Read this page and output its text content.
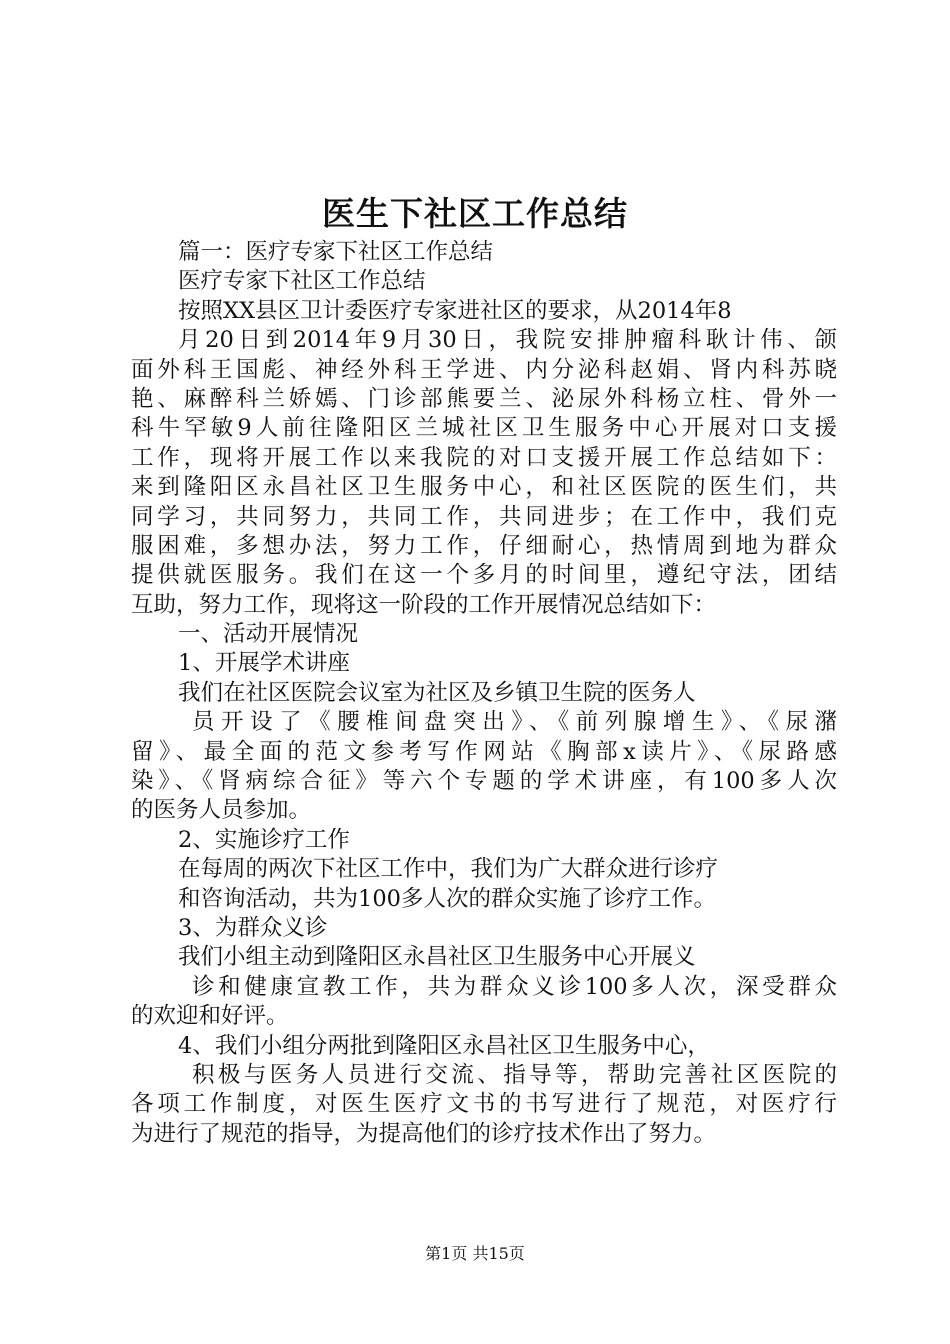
医生下社区工作总结
篇一：医疗专家下社区工作总结
医疗专家下社区工作总结
按照XX县区卫计委医疗专家进社区的要求，从2014年8
月20日到2014年9月30日，我院安排肿瘤科耿计伟、颌
面外科王国彪、神经外科王学进、内分泌科赵娟、肾内科苏晓
艳、麻醉科兰娇嫣、门诊部熊要兰、泌尿外科杨立柱、骨外一
科牛罕敏9人前往隆阳区兰城社区卫生服务中心开展对口支援
工作，现将开展工作以来我院的对口支援开展工作总结如下：
来到隆阳区永昌社区卫生服务中心，和社区医院的医生们，共
同学习，共同努力，共同工作，共同进步；在工作中，我们克
服困难，多想办法，努力工作，仔细耐心，热情周到地为群众
提供就医服务。我们在这一个多月的时间里，遵纪守法，团结
互助，努力工作，现将这一阶段的工作开展情况总结如下：
一、活动开展情况
1、开展学术讲座
我们在社区医院会议室为社区及乡镇卫生院的医务人
员开设了《腰椎间盘突出》、《前列腺增生》、《尿潴
留》、最全面的范文参考写作网站《胸部x读片》、《尿路感
染》、《肾病综合征》等六个专题的学术讲座，有100多人次
的医务人员参加。
2、实施诊疗工作
在每周的两次下社区工作中，我们为广大群众进行诊疗
和咨询活动，共为100多人次的群众实施了诊疗工作。
3、为群众义诊
我们小组主动到隆阳区永昌社区卫生服务中心开展义
诊和健康宣教工作，共为群众义诊100多人次，深受群众
的欢迎和好评。
4、我们小组分两批到隆阳区永昌社区卫生服务中心，
积极与医务人员进行交流、指导等，帮助完善社区医院的
各项工作制度，对医生医疗文书的书写进行了规范，对医疗行
为进行了规范的指导，为提高他们的诊疗技术作出了努力。
第1页 共15页
